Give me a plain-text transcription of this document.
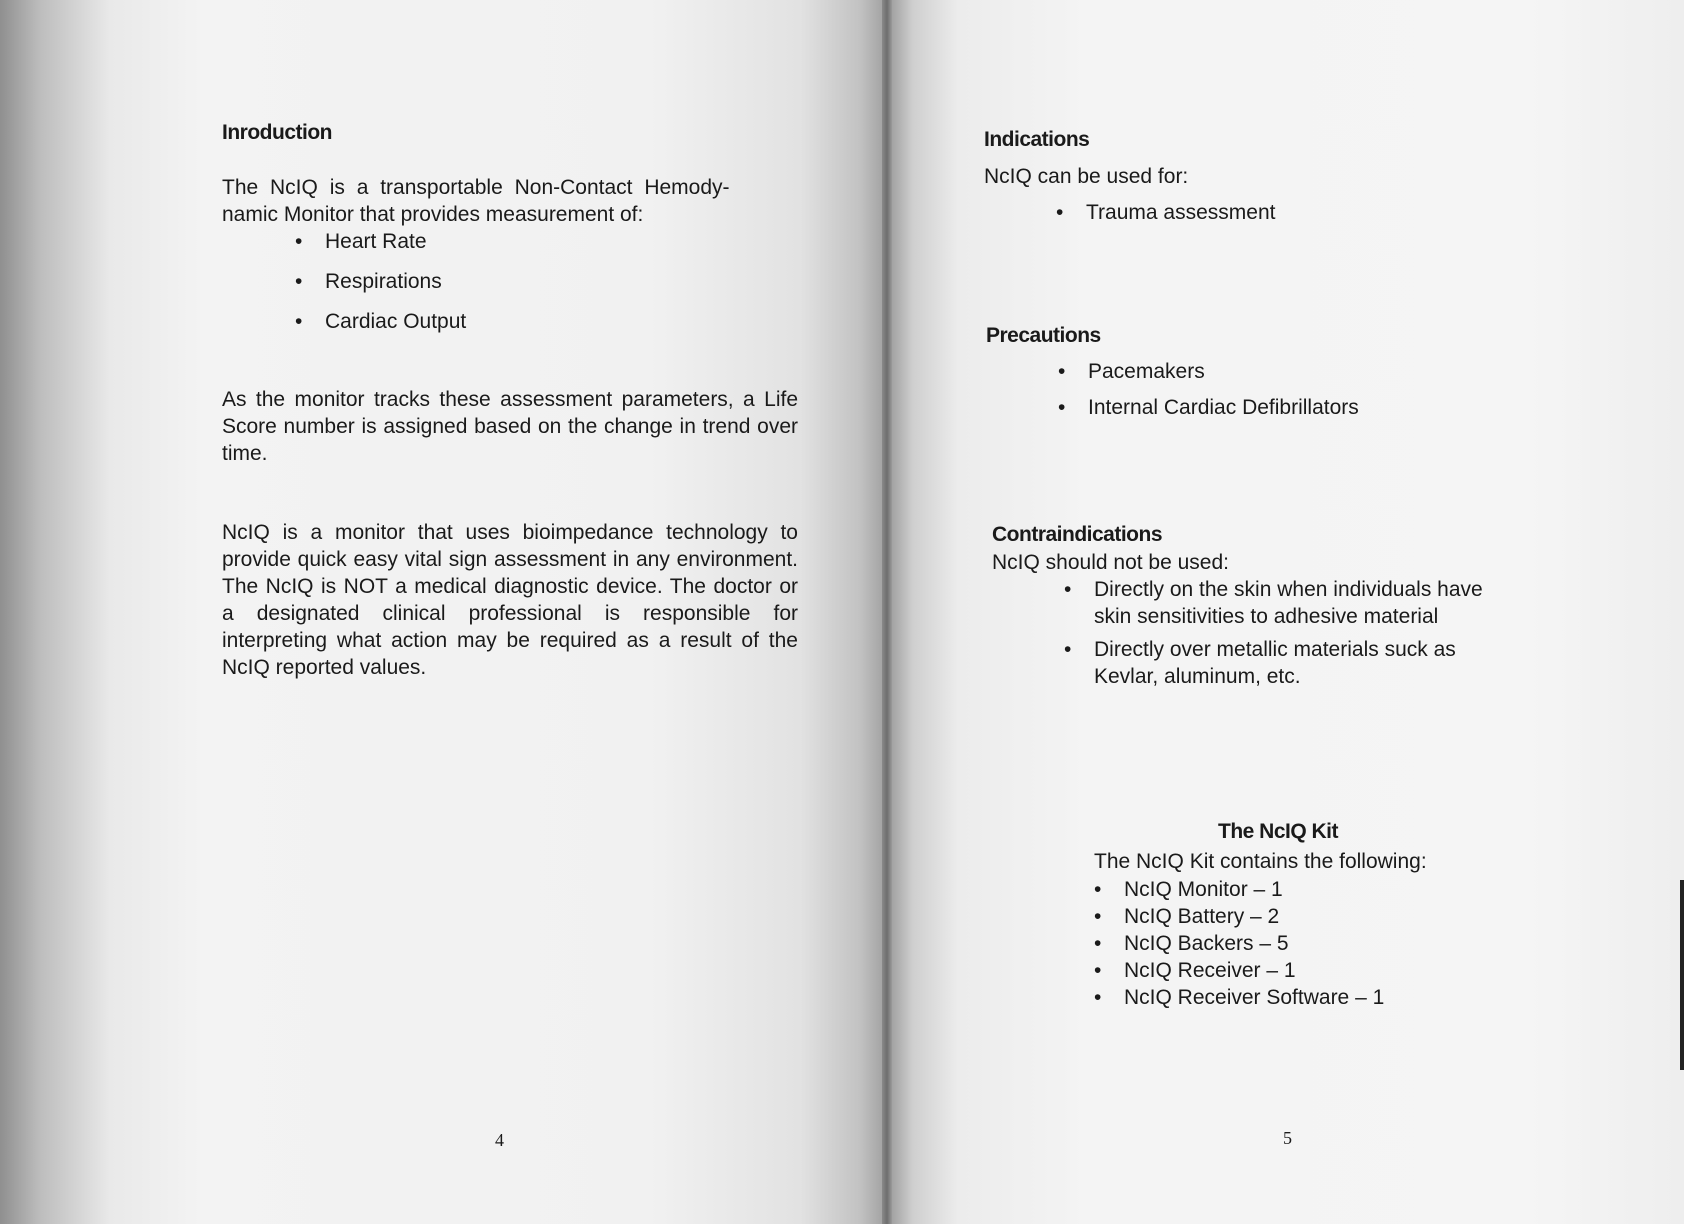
Inroduction
The NcIQ is a transportable Non-Contact Hemody-
namic Monitor that provides measurement of:
• Heart Rate
• Respirations
• Cardiac Output
As the monitor tracks these assessment parameters, a Life Score number is assigned based on the change in trend over time.
NcIQ is a monitor that uses bioimpedance technology to provide quick easy vital sign assessment in any environment. The NcIQ is NOT a medical diagnostic device. The doctor or a designated clinical professional is responsible for interpreting what action may be required as a result of the NcIQ reported values.
4
Indications
NcIQ can be used for:
• Trauma assessment
Precautions
• Pacemakers
• Internal Cardiac Defibrillators
Contraindications
NcIQ should not be used:
• Directly on the skin when individuals have skin sensitivities to adhesive material
• Directly over metallic materials suck as Kevlar, aluminum, etc.
The NcIQ Kit
The NcIQ Kit contains the following:
• NcIQ Monitor – 1
• NcIQ Battery – 2
• NcIQ Backers – 5
• NcIQ Receiver – 1
• NcIQ Receiver Software – 1
5
